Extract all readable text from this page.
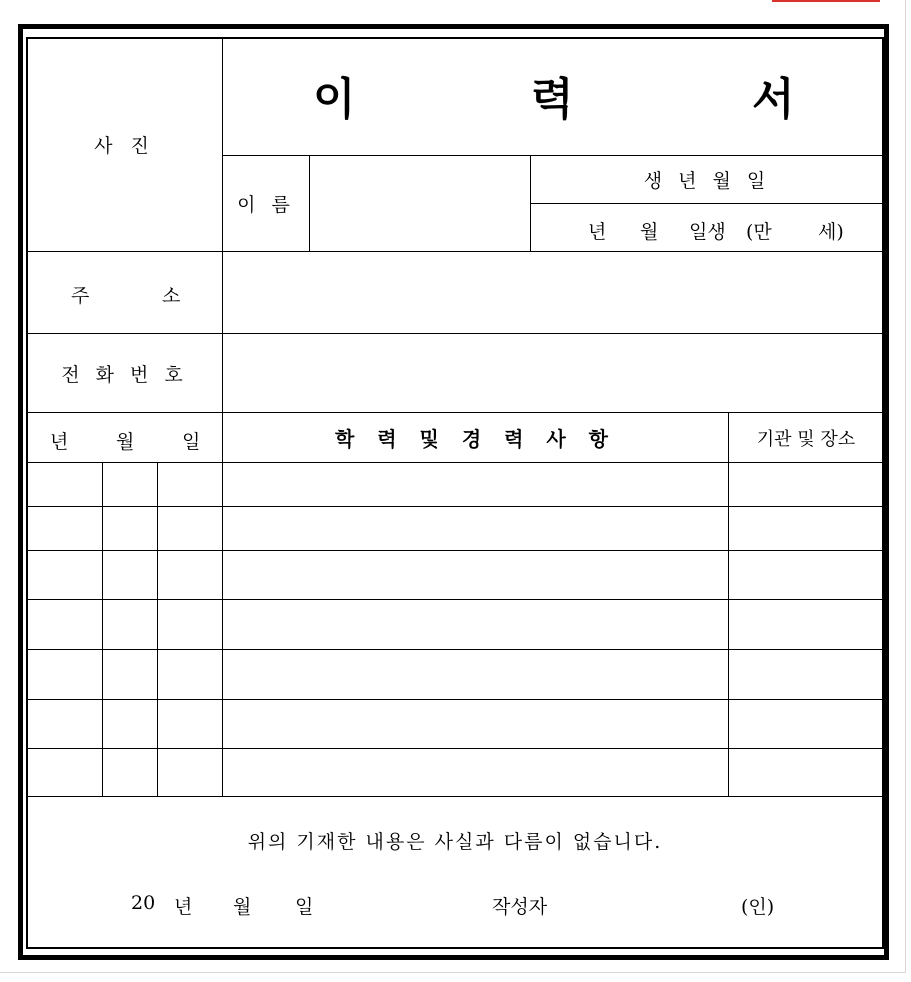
이	력	서
사 진
이 름
생 년 월 일
년 월 일생 (만 세)
주	소
전 화 번 호
년	월	일	학 력 및 경 력 사 항	기관 및 장소
위의 기재한 내용은 사실과 다름이 없습니다.
20 년 월 일	작성자	(인)
